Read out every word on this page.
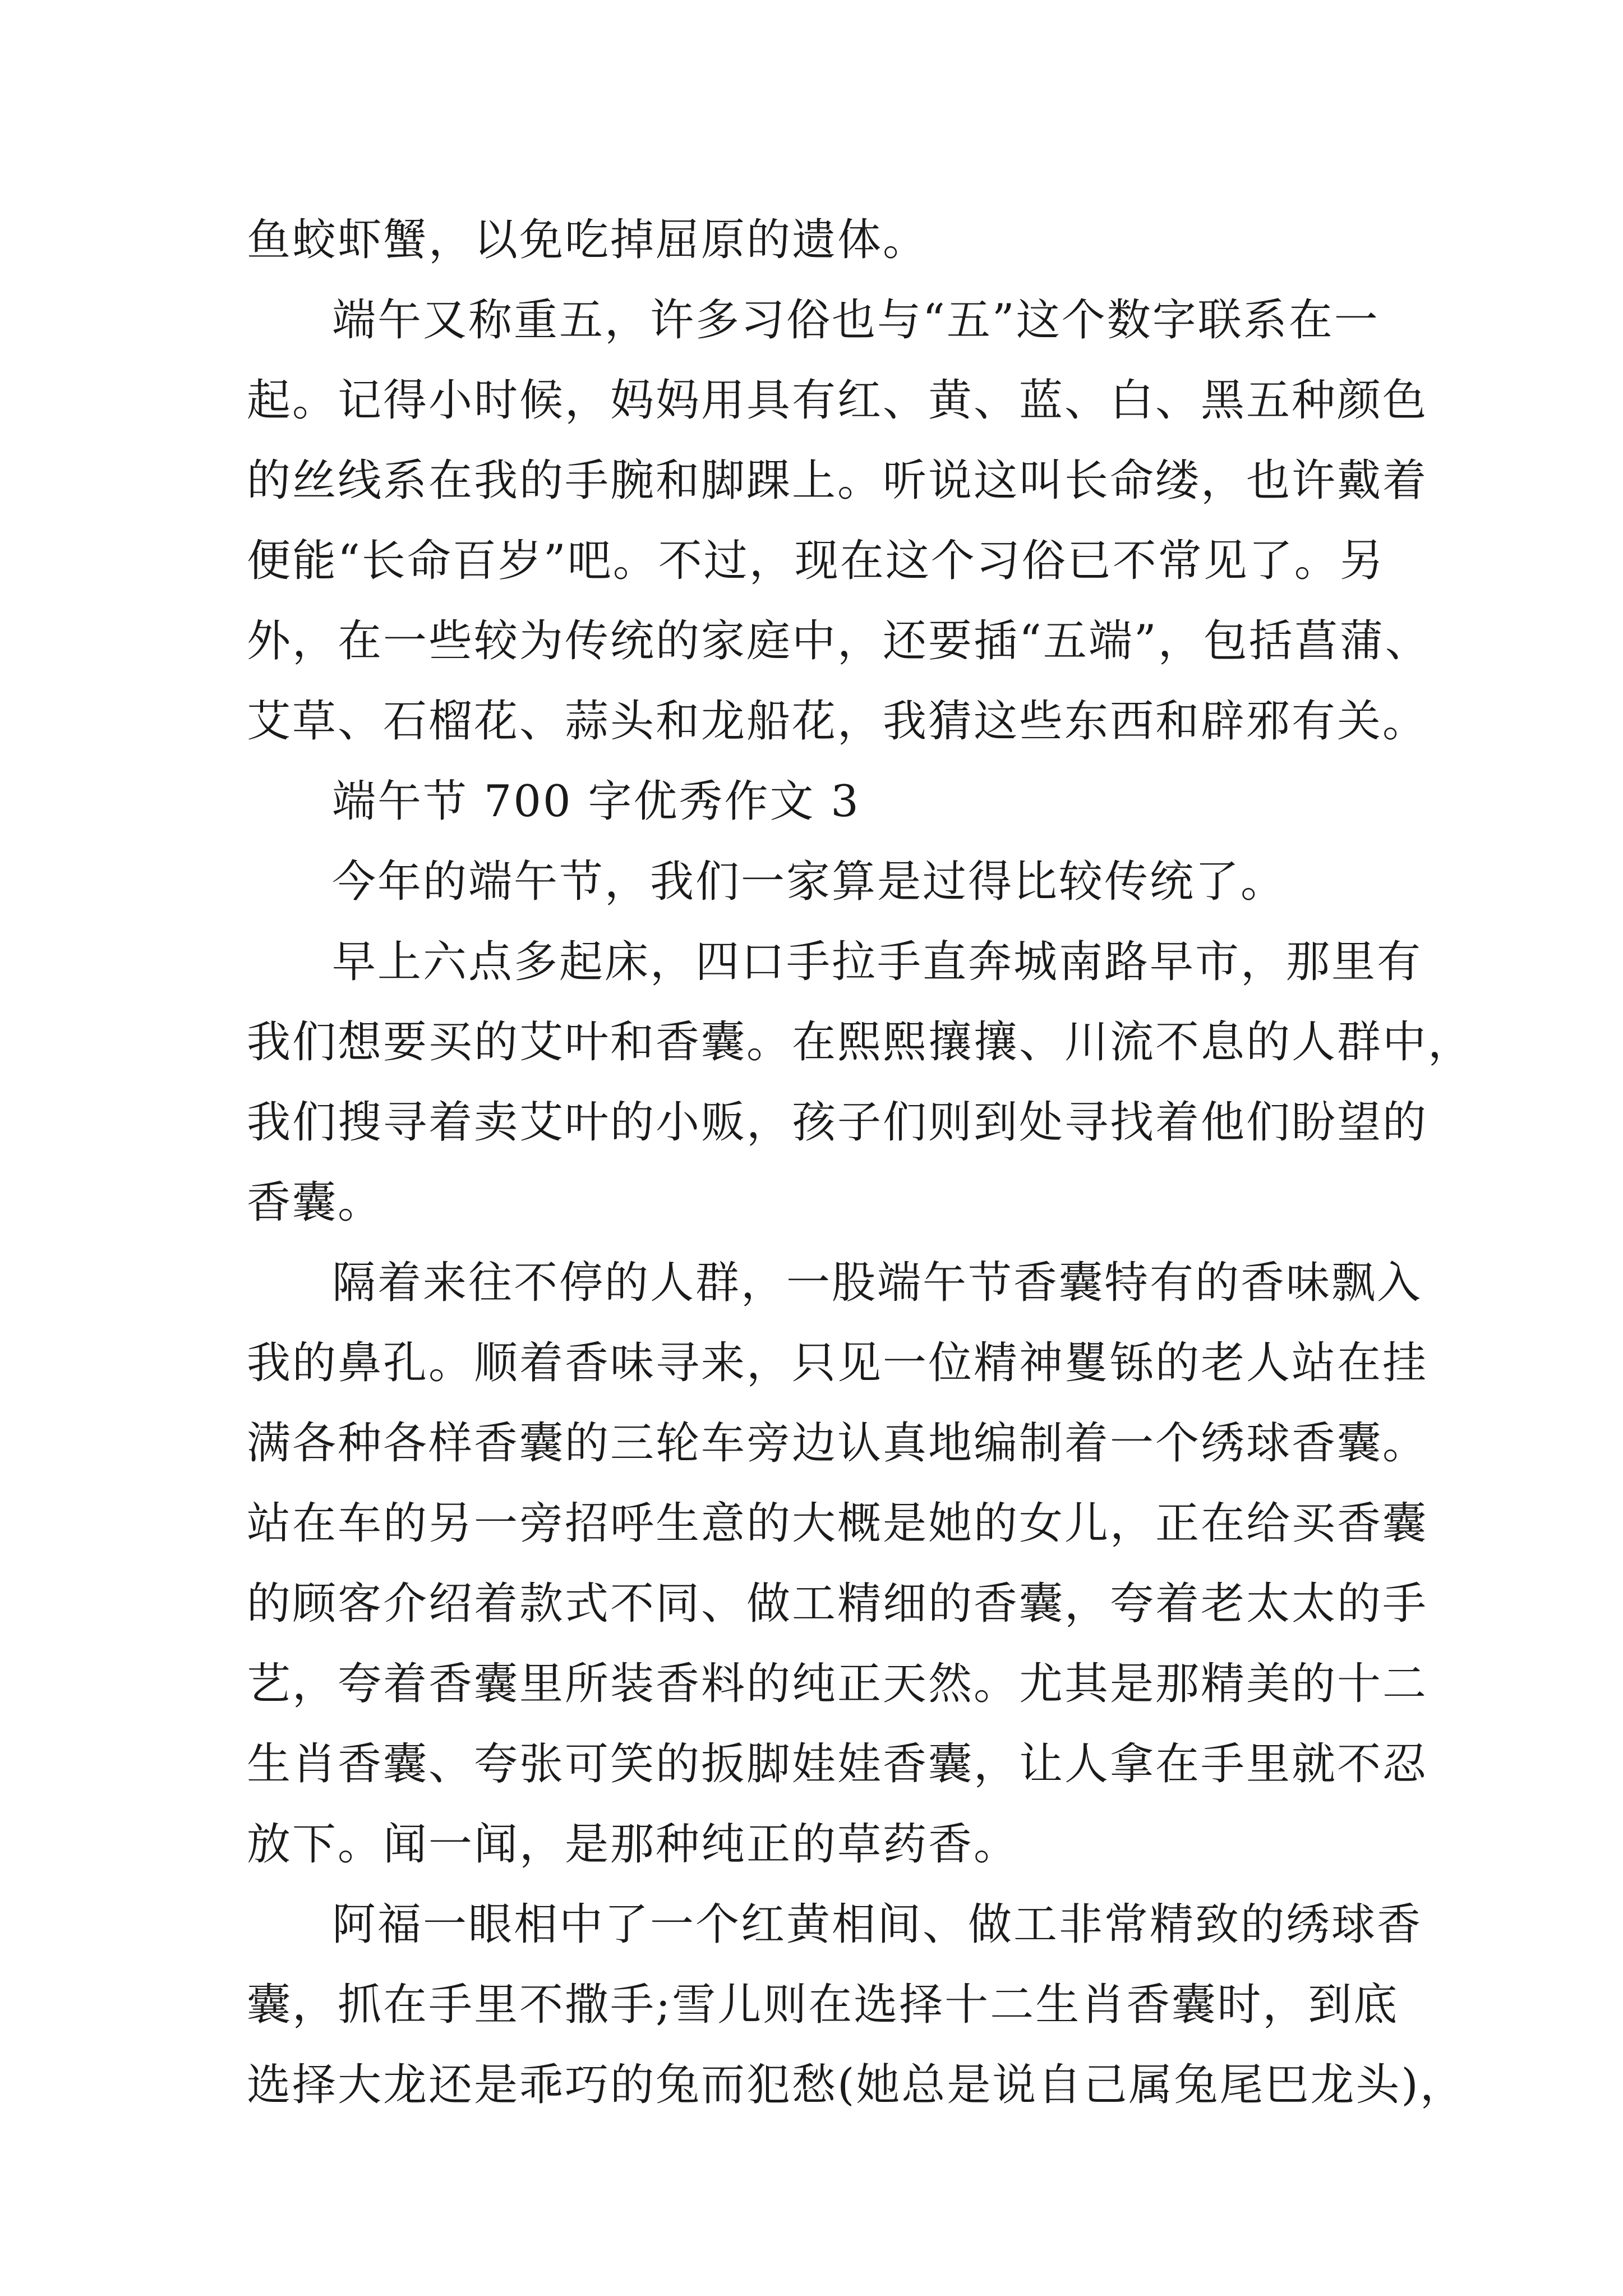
鱼蛟虾蟹，以免吃掉屈原的遗体。
端午又称重五，许多习俗也与“五”这个数字联系在一
起。记得小时候，妈妈用具有红、黄、蓝、白、黑五种颜色
的丝线系在我的手腕和脚踝上。听说这叫长命缕，也许戴着
便能“长命百岁”吧。不过，现在这个习俗已不常见了。另
外，在一些较为传统的家庭中，还要插“五端”，包括菖蒲、
艾草、石榴花、蒜头和龙船花，我猜这些东西和辟邪有关。
端午节 700 字优秀作文 3
今年的端午节，我们一家算是过得比较传统了。
早上六点多起床，四口手拉手直奔城南路早市，那里有
我们想要买的艾叶和香囊。在熙熙攘攘、川流不息的人群中，
我们搜寻着卖艾叶的小贩，孩子们则到处寻找着他们盼望的
香囊。
隔着来往不停的人群，一股端午节香囊特有的香味飘入
我的鼻孔。顺着香味寻来，只见一位精神矍铄的老人站在挂
满各种各样香囊的三轮车旁边认真地编制着一个绣球香囊。
站在车的另一旁招呼生意的大概是她的女儿，正在给买香囊
的顾客介绍着款式不同、做工精细的香囊，夸着老太太的手
艺，夸着香囊里所装香料的纯正天然。尤其是那精美的十二
生肖香囊、夸张可笑的扳脚娃娃香囊，让人拿在手里就不忍
放下。闻一闻，是那种纯正的草药香。
阿福一眼相中了一个红黄相间、做工非常精致的绣球香
囊，抓在手里不撒手;雪儿则在选择十二生肖香囊时，到底
选择大龙还是乖巧的兔而犯愁(她总是说自己属兔尾巴龙头)，
